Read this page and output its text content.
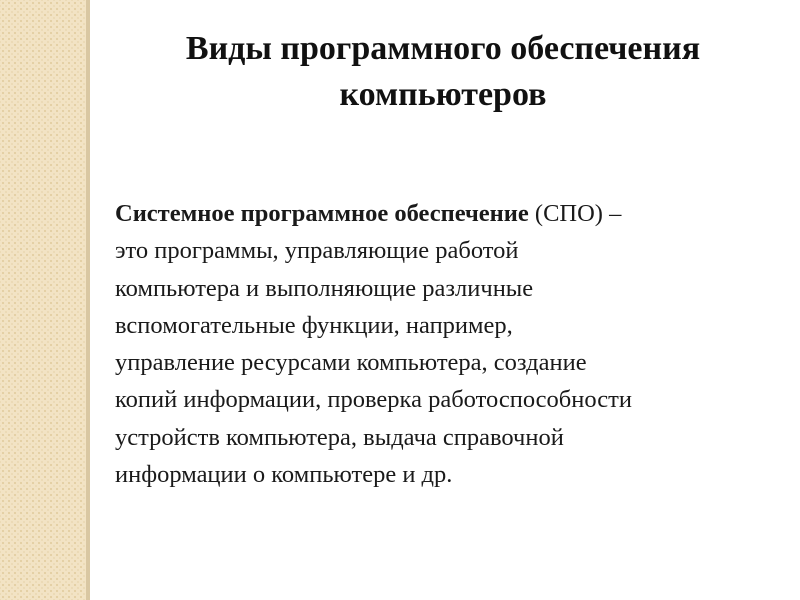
Виды программного обеспечения
компьютеров

Системное программное обеспечение (СПО) –
это программы, управляющие работой
компьютера и выполняющие различные
вспомогательные функции, например,
управление ресурсами компьютера, создание
копий информации, проверка работоспособности
устройств компьютера, выдача справочной
информации о компьютере и др.
